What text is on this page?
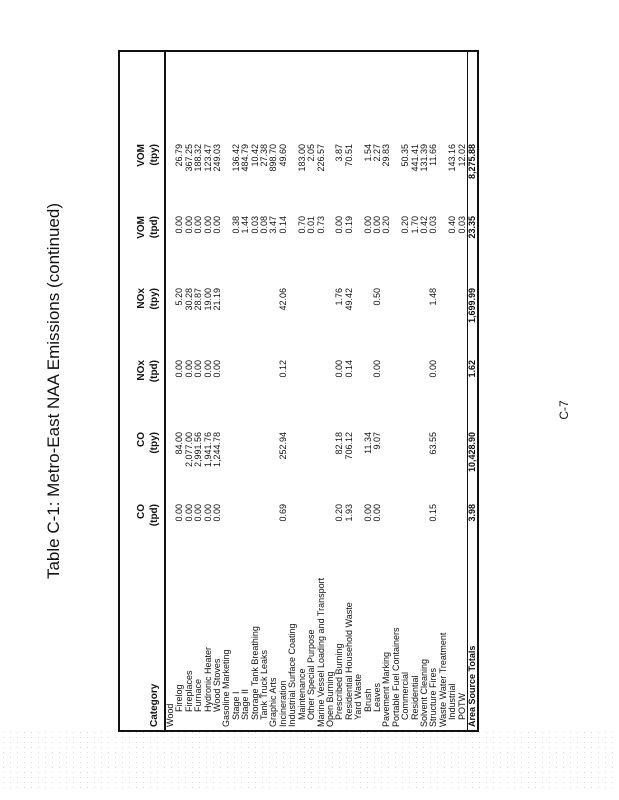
C-7
Table C-1: Metro-East NAA Emissions (continued)
Category
CO (tpd)
CO (tpy)
NOx (tpd)
NOx (tpy)
VOM (tpd)
VOM (tpy)
Wood
Firelog
0.00
84.00
0.00
5.20
0.00
26.79
Fireplaces
0.00
2,077.00
0.00
30.28
0.00
367.25
Furnace
0.00
2,991.56
0.00
28.87
0.00
188.32
Hydronic Heater
0.00
1,941.76
0.00
19.00
0.00
123.47
Wood Stoves
0.00
1,244.78
0.00
21.19
0.00
249.03
Gasoline Marketing Stage I
0.38
136.42
Stage II
1.44
484.79
Storage Tank Breathing
0.03
10.42
Tank Truck Leaks
0.08
27.38
Graphic Arts
3.47
898.70
Incineration
0.69
252.94
0.12
42.06
0.14
49.60
Industrial Surface Coating Maintenance
0.70
183.00
Other Special Purpose
0.01
2.05
Marine Vessel Loading and Transport
0.73
226.57
Open Burning Prescribed Burning
0.20
82.18
0.00
1.76
0.00
3.87
Residential Household Waste
1.93
706.12
0.14
49.42
0.19
70.51
Yard Waste Brush
0.00
11.34
0.00
1.54
Leaves
0.00
9.07
0.00
0.50
0.00
2.27
Pavement Marking
0.20
29.83
Portable Fuel Containers Commercial
0.20
50.35
Residential
1.70
441.41
Solvent Cleaning
0.42
131.39
Structure Fires
0.15
63.55
0.00
1.48
0.03
11.66
Waste Water Treatment Industrial
0.40
143.16
POTW
0.03
12.02
Area Source Totals
3.98
10,428.90
1.62
1,699.99
23.35
8,275.88
